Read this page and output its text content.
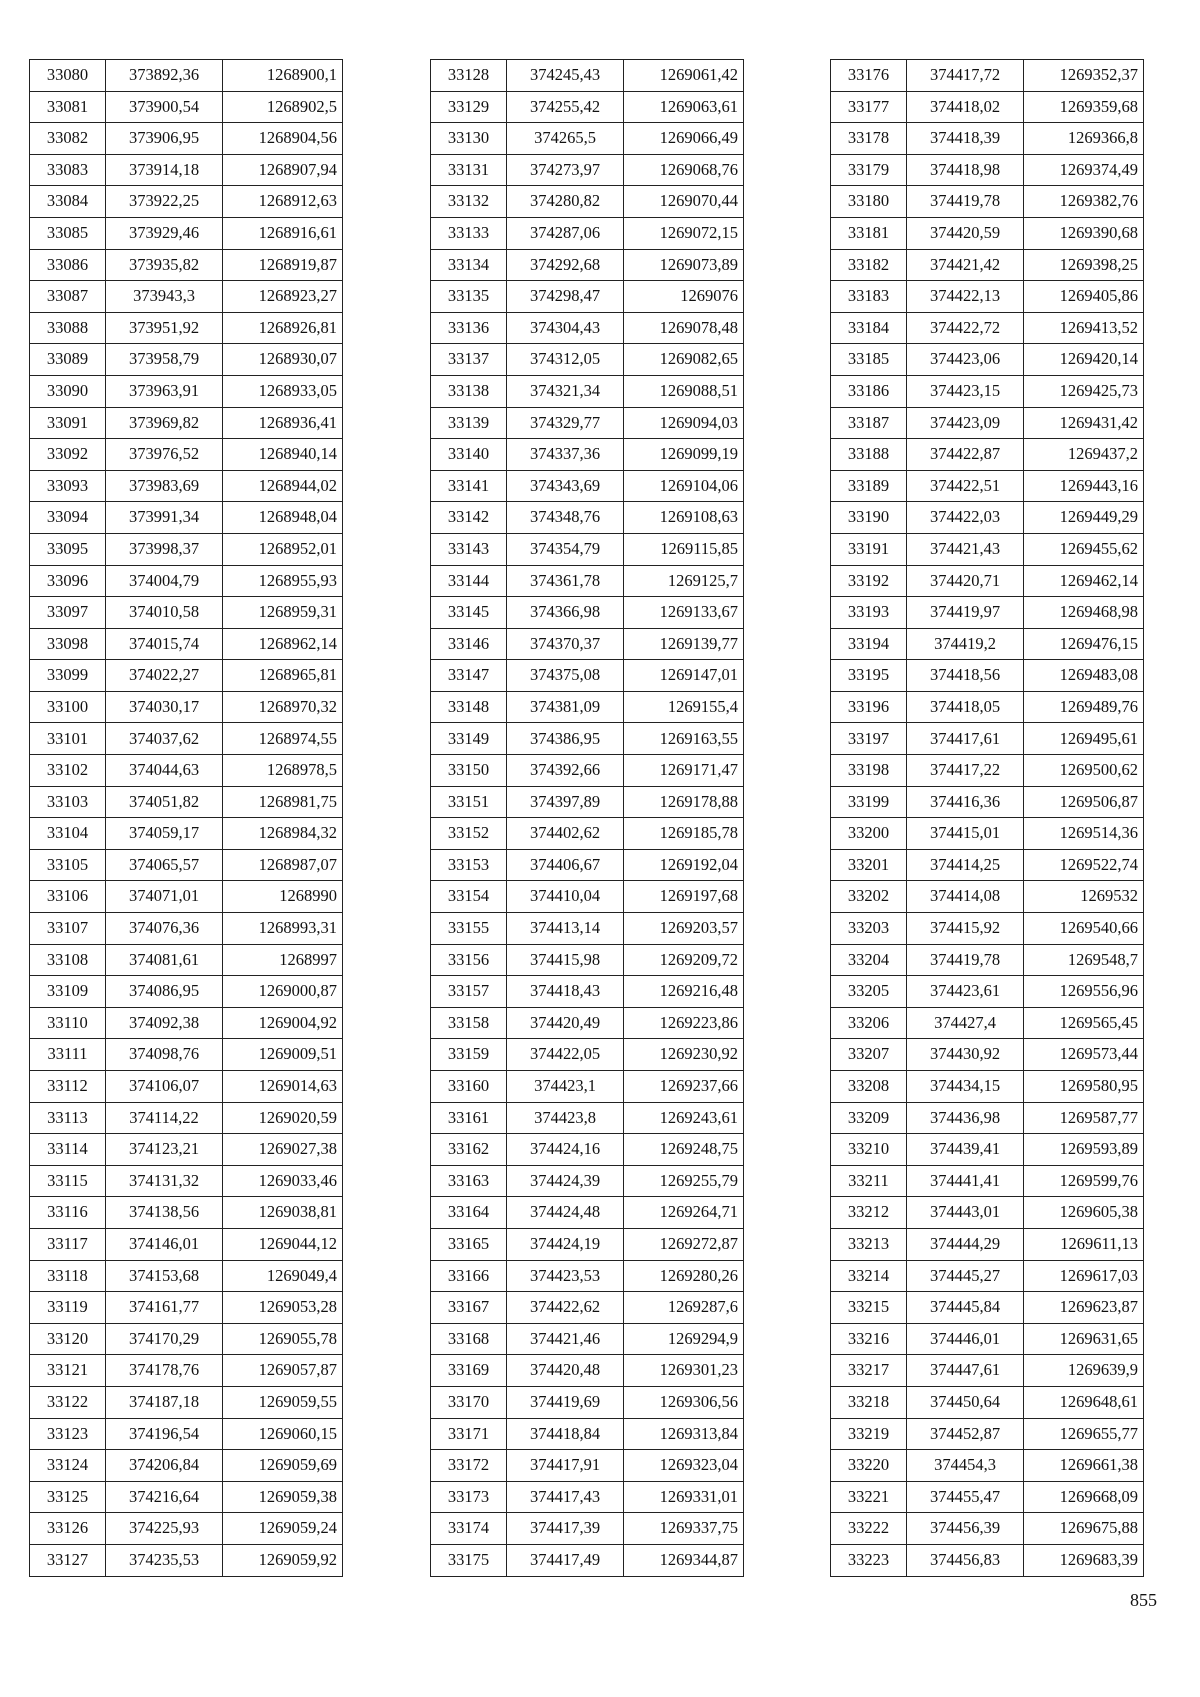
33080	373892,36	1268900,1
33081	373900,54	1268902,5
33082	373906,95	1268904,56
33083	373914,18	1268907,94
33084	373922,25	1268912,63
33085	373929,46	1268916,61
33086	373935,82	1268919,87
33087	373943,3	1268923,27
33088	373951,92	1268926,81
33089	373958,79	1268930,07
33090	373963,91	1268933,05
33091	373969,82	1268936,41
33092	373976,52	1268940,14
33093	373983,69	1268944,02
33094	373991,34	1268948,04
33095	373998,37	1268952,01
33096	374004,79	1268955,93
33097	374010,58	1268959,31
33098	374015,74	1268962,14
33099	374022,27	1268965,81
33100	374030,17	1268970,32
33101	374037,62	1268974,55
33102	374044,63	1268978,5
33103	374051,82	1268981,75
33104	374059,17	1268984,32
33105	374065,57	1268987,07
33106	374071,01	1268990
33107	374076,36	1268993,31
33108	374081,61	1268997
33109	374086,95	1269000,87
33110	374092,38	1269004,92
33111	374098,76	1269009,51
33112	374106,07	1269014,63
33113	374114,22	1269020,59
33114	374123,21	1269027,38
33115	374131,32	1269033,46
33116	374138,56	1269038,81
33117	374146,01	1269044,12
33118	374153,68	1269049,4
33119	374161,77	1269053,28
33120	374170,29	1269055,78
33121	374178,76	1269057,87
33122	374187,18	1269059,55
33123	374196,54	1269060,15
33124	374206,84	1269059,69
33125	374216,64	1269059,38
33126	374225,93	1269059,24
33127	374235,53	1269059,92
33128	374245,43	1269061,42
33129	374255,42	1269063,61
33130	374265,5	1269066,49
33131	374273,97	1269068,76
33132	374280,82	1269070,44
33133	374287,06	1269072,15
33134	374292,68	1269073,89
33135	374298,47	1269076
33136	374304,43	1269078,48
33137	374312,05	1269082,65
33138	374321,34	1269088,51
33139	374329,77	1269094,03
33140	374337,36	1269099,19
33141	374343,69	1269104,06
33142	374348,76	1269108,63
33143	374354,79	1269115,85
33144	374361,78	1269125,7
33145	374366,98	1269133,67
33146	374370,37	1269139,77
33147	374375,08	1269147,01
33148	374381,09	1269155,4
33149	374386,95	1269163,55
33150	374392,66	1269171,47
33151	374397,89	1269178,88
33152	374402,62	1269185,78
33153	374406,67	1269192,04
33154	374410,04	1269197,68
33155	374413,14	1269203,57
33156	374415,98	1269209,72
33157	374418,43	1269216,48
33158	374420,49	1269223,86
33159	374422,05	1269230,92
33160	374423,1	1269237,66
33161	374423,8	1269243,61
33162	374424,16	1269248,75
33163	374424,39	1269255,79
33164	374424,48	1269264,71
33165	374424,19	1269272,87
33166	374423,53	1269280,26
33167	374422,62	1269287,6
33168	374421,46	1269294,9
33169	374420,48	1269301,23
33170	374419,69	1269306,56
33171	374418,84	1269313,84
33172	374417,91	1269323,04
33173	374417,43	1269331,01
33174	374417,39	1269337,75
33175	374417,49	1269344,87
33176	374417,72	1269352,37
33177	374418,02	1269359,68
33178	374418,39	1269366,8
33179	374418,98	1269374,49
33180	374419,78	1269382,76
33181	374420,59	1269390,68
33182	374421,42	1269398,25
33183	374422,13	1269405,86
33184	374422,72	1269413,52
33185	374423,06	1269420,14
33186	374423,15	1269425,73
33187	374423,09	1269431,42
33188	374422,87	1269437,2
33189	374422,51	1269443,16
33190	374422,03	1269449,29
33191	374421,43	1269455,62
33192	374420,71	1269462,14
33193	374419,97	1269468,98
33194	374419,2	1269476,15
33195	374418,56	1269483,08
33196	374418,05	1269489,76
33197	374417,61	1269495,61
33198	374417,22	1269500,62
33199	374416,36	1269506,87
33200	374415,01	1269514,36
33201	374414,25	1269522,74
33202	374414,08	1269532
33203	374415,92	1269540,66
33204	374419,78	1269548,7
33205	374423,61	1269556,96
33206	374427,4	1269565,45
33207	374430,92	1269573,44
33208	374434,15	1269580,95
33209	374436,98	1269587,77
33210	374439,41	1269593,89
33211	374441,41	1269599,76
33212	374443,01	1269605,38
33213	374444,29	1269611,13
33214	374445,27	1269617,03
33215	374445,84	1269623,87
33216	374446,01	1269631,65
33217	374447,61	1269639,9
33218	374450,64	1269648,61
33219	374452,87	1269655,77
33220	374454,3	1269661,38
33221	374455,47	1269668,09
33222	374456,39	1269675,88
33223	374456,83	1269683,39
855
